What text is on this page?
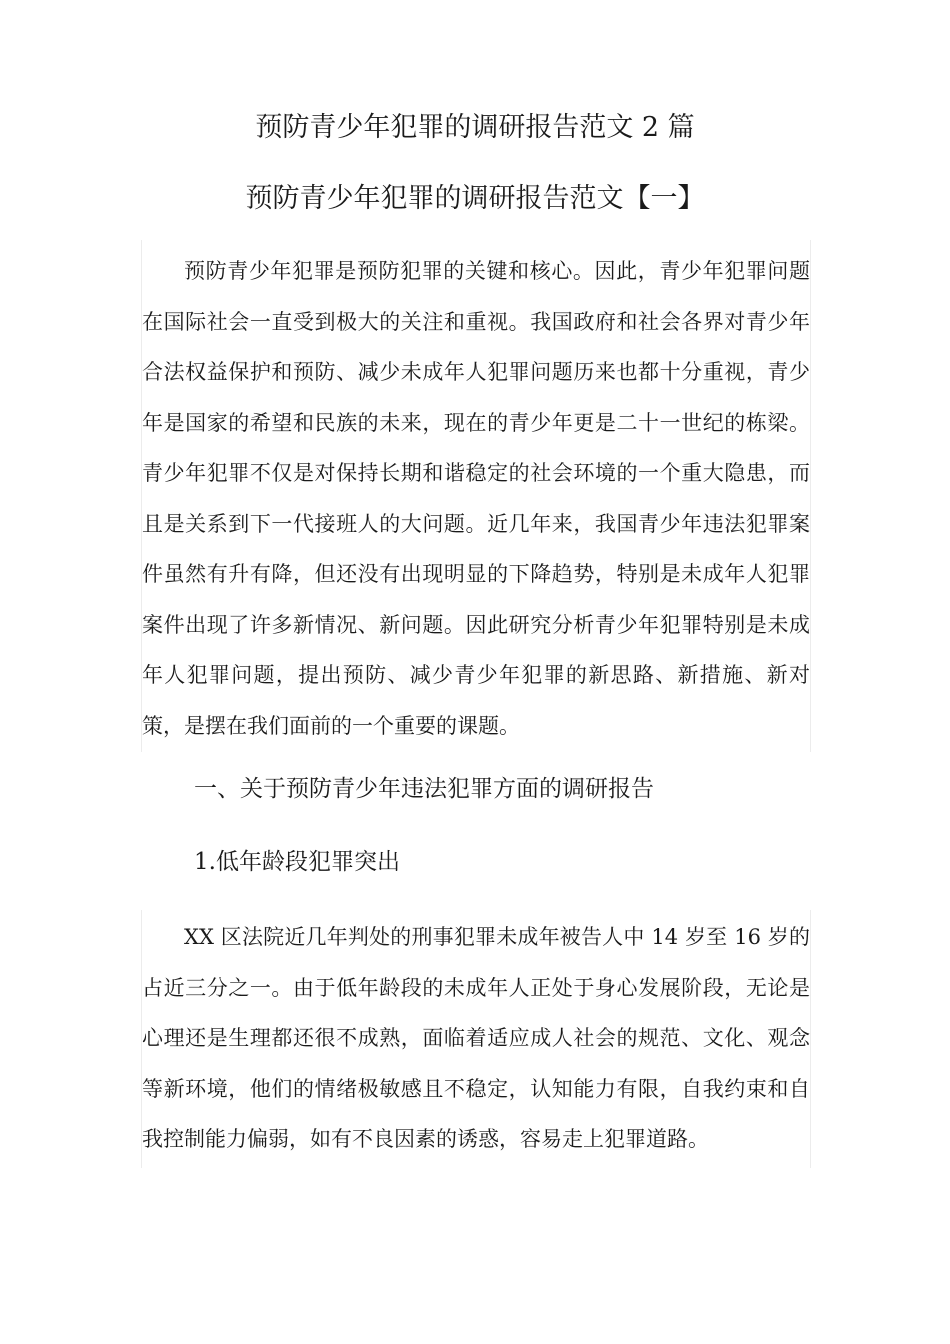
预防青少年犯罪的调研报告范文 2 篇
预防青少年犯罪的调研报告范文【一】

预防青少年犯罪是预防犯罪的关键和核心。因此，青少年犯罪问题在国际社会一直受到极大的关注和重视。我国政府和社会各界对青少年合法权益保护和预防、减少未成年人犯罪问题历来也都十分重视，青少年是国家的希望和民族的未来，现在的青少年更是二十一世纪的栋梁。青少年犯罪不仅是对保持长期和谐稳定的社会环境的一个重大隐患，而且是关系到下一代接班人的大问题。近几年来，我国青少年违法犯罪案件虽然有升有降，但还没有出现明显的下降趋势，特别是未成年人犯罪案件出现了许多新情况、新问题。因此研究分析青少年犯罪特别是未成年人犯罪问题，提出预防、减少青少年犯罪的新思路、新措施、新对策，是摆在我们面前的一个重要的课题。

一、关于预防青少年违法犯罪方面的调研报告
1.低年龄段犯罪突出

XX 区法院近几年判处的刑事犯罪未成年被告人中 14 岁至 16 岁的占近三分之一。由于低年龄段的未成年人正处于身心发展阶段，无论是心理还是生理都还很不成熟，面临着适应成人社会的规范、文化、观念等新环境，他们的情绪极敏感且不稳定，认知能力有限，自我约束和自我控制能力偏弱，如有不良因素的诱惑，容易走上犯罪道路。
